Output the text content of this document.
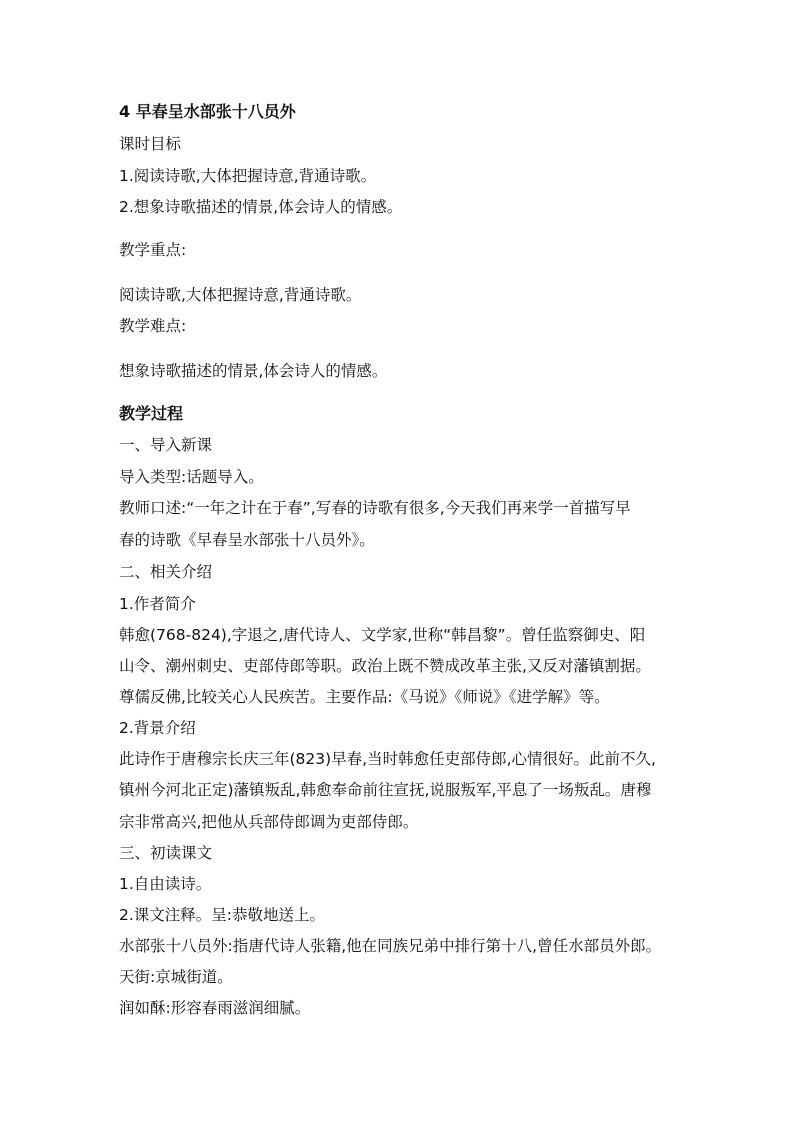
4 早春呈水部张十八员外
课时目标
1.阅读诗歌,大体把握诗意,背通诗歌。
2.想象诗歌描述的情景,体会诗人的情感。
教学重点:
阅读诗歌,大体把握诗意,背通诗歌。
教学难点:
想象诗歌描述的情景,体会诗人的情感。
教学过程
一、导入新课
导入类型:话题导入。
教师口述:“一年之计在于春”,写春的诗歌有很多,今天我们再来学一首描写早
春的诗歌《早春呈水部张十八员外》。
二、相关介绍
1.作者简介
韩愈(768-824),字退之,唐代诗人、文学家,世称“韩昌黎”。曾任监察御史、阳
山令、潮州刺史、吏部侍郎等职。政治上既不赞成改革主张,又反对藩镇割据。
尊儒反佛,比较关心人民疾苦。主要作品:《马说》《师说》《进学解》等。
2.背景介绍
此诗作于唐穆宗长庆三年(823)早春,当时韩愈任吏部侍郎,心情很好。此前不久,
镇州今河北正定)藩镇叛乱,韩愈奉命前往宣抚,说服叛军,平息了一场叛乱。唐穆
宗非常高兴,把他从兵部侍郎调为吏部侍郎。
三、初读课文
1.自由读诗。
2.课文注释。呈:恭敬地送上。
水部张十八员外:指唐代诗人张籍,他在同族兄弟中排行第十八,曾任水部员外郎。
天街:京城街道。
润如酥:形容春雨滋润细腻。
